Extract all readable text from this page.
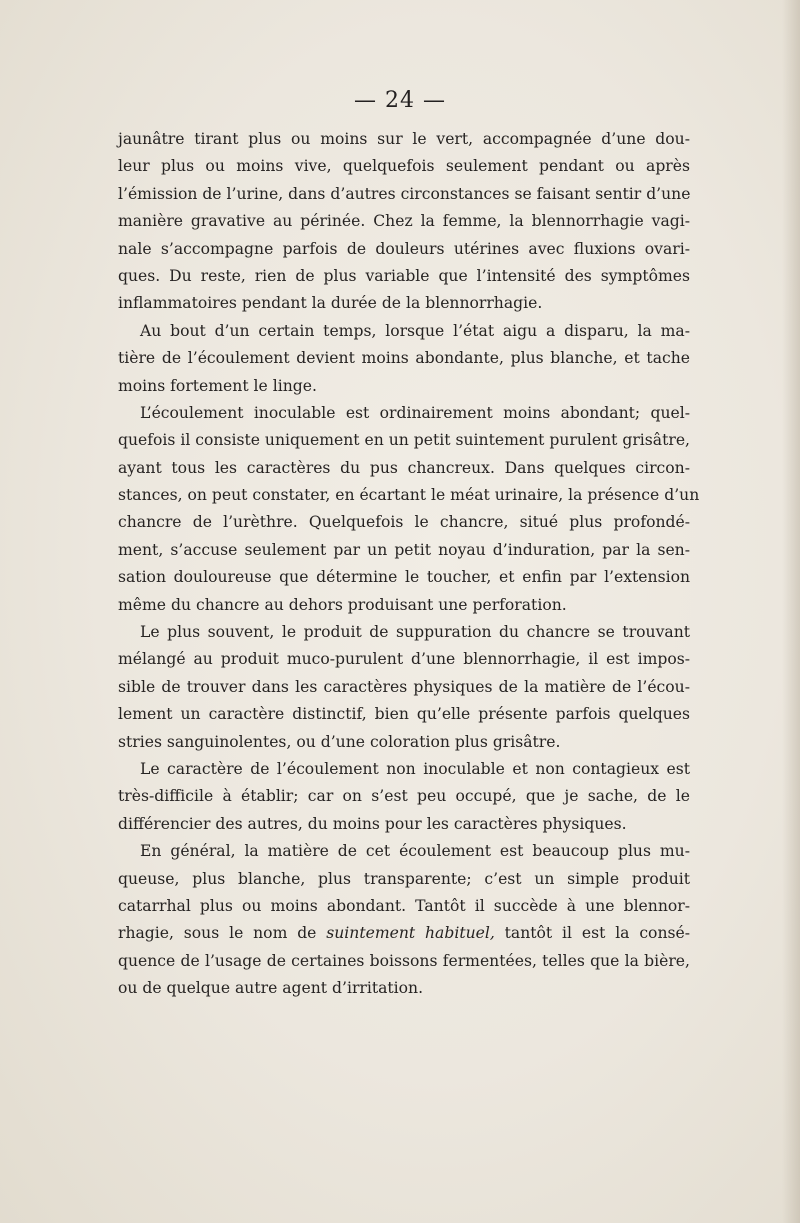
— 24 —
jaunâtre tirant plus ou moins sur le vert, accompagnée d’une dou-
leur plus ou moins vive, quelquefois seulement pendant ou après
l’émission de l’urine, dans d’autres circonstances se faisant sentir d’une
manière gravative au périnée. Chez la femme, la blennorrhagie vagi-
nale s’accompagne parfois de douleurs utérines avec fluxions ovari-
ques. Du reste, rien de plus variable que l’intensité des symptômes
inflammatoires pendant la durée de la blennorrhagie.
Au bout d’un certain temps, lorsque l’état aigu a disparu, la ma-
tière de l’écoulement devient moins abondante, plus blanche, et tache
moins fortement le linge.
L’écoulement inoculable est ordinairement moins abondant; quel-
quefois il consiste uniquement en un petit suintement purulent grisâtre,
ayant tous les caractères du pus chancreux. Dans quelques circon-
stances, on peut constater, en écartant le méat urinaire, la présence d’un
chancre de l’urèthre. Quelquefois le chancre, situé plus profondé-
ment, s’accuse seulement par un petit noyau d’induration, par la sen-
sation douloureuse que détermine le toucher, et enfin par l’extension
même du chancre au dehors produisant une perforation.
Le plus souvent, le produit de suppuration du chancre se trouvant
mélangé au produit muco-purulent d’une blennorrhagie, il est impos-
sible de trouver dans les caractères physiques de la matière de l’écou-
lement un caractère distinctif, bien qu’elle présente parfois quelques
stries sanguinolentes, ou d’une coloration plus grisâtre.
Le caractère de l’écoulement non inoculable et non contagieux est
très-difficile à établir; car on s’est peu occupé, que je sache, de le
différencier des autres, du moins pour les caractères physiques.
En général, la matière de cet écoulement est beaucoup plus mu-
queuse, plus blanche, plus transparente; c’est un simple produit
catarrhal plus ou moins abondant. Tantôt il succède à une blennor-
rhagie, sous le nom de suintement habituel, tantôt il est la consé-
quence de l’usage de certaines boissons fermentées, telles que la bière,
ou de quelque autre agent d’irritation.
